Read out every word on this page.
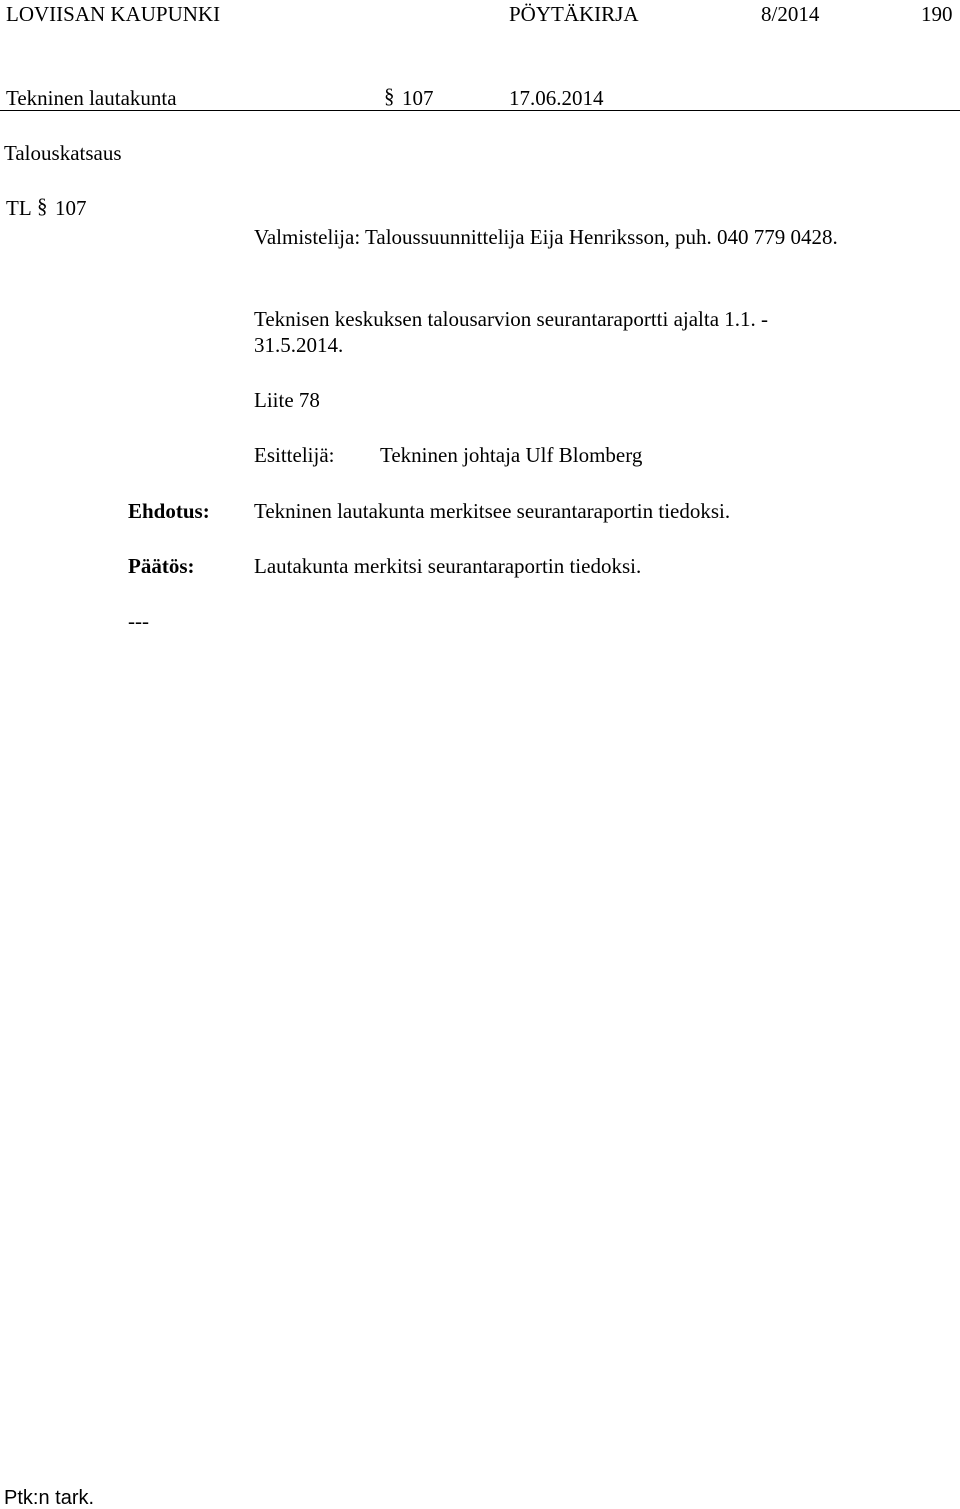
LOVIISAN KAUPUNKI	PÖYTÄKIRJA	8/2014	190
Tekninen lautakunta	§ 107	17.06.2014
Talouskatsaus
TL § 107
Valmistelija: Taloussuunnittelija Eija Henriksson, puh. 040 779 0428.
Teknisen keskuksen talousarvion seurantaraportti ajalta 1.1. - 31.5.2014.
Liite 78
Esittelijä: Tekninen johtaja Ulf Blomberg
Ehdotus: Tekninen lautakunta merkitsee seurantaraportin tiedoksi.
Päätös:	Lautakunta merkitsi seurantaraportin tiedoksi.
---
Ptk:n tark.
